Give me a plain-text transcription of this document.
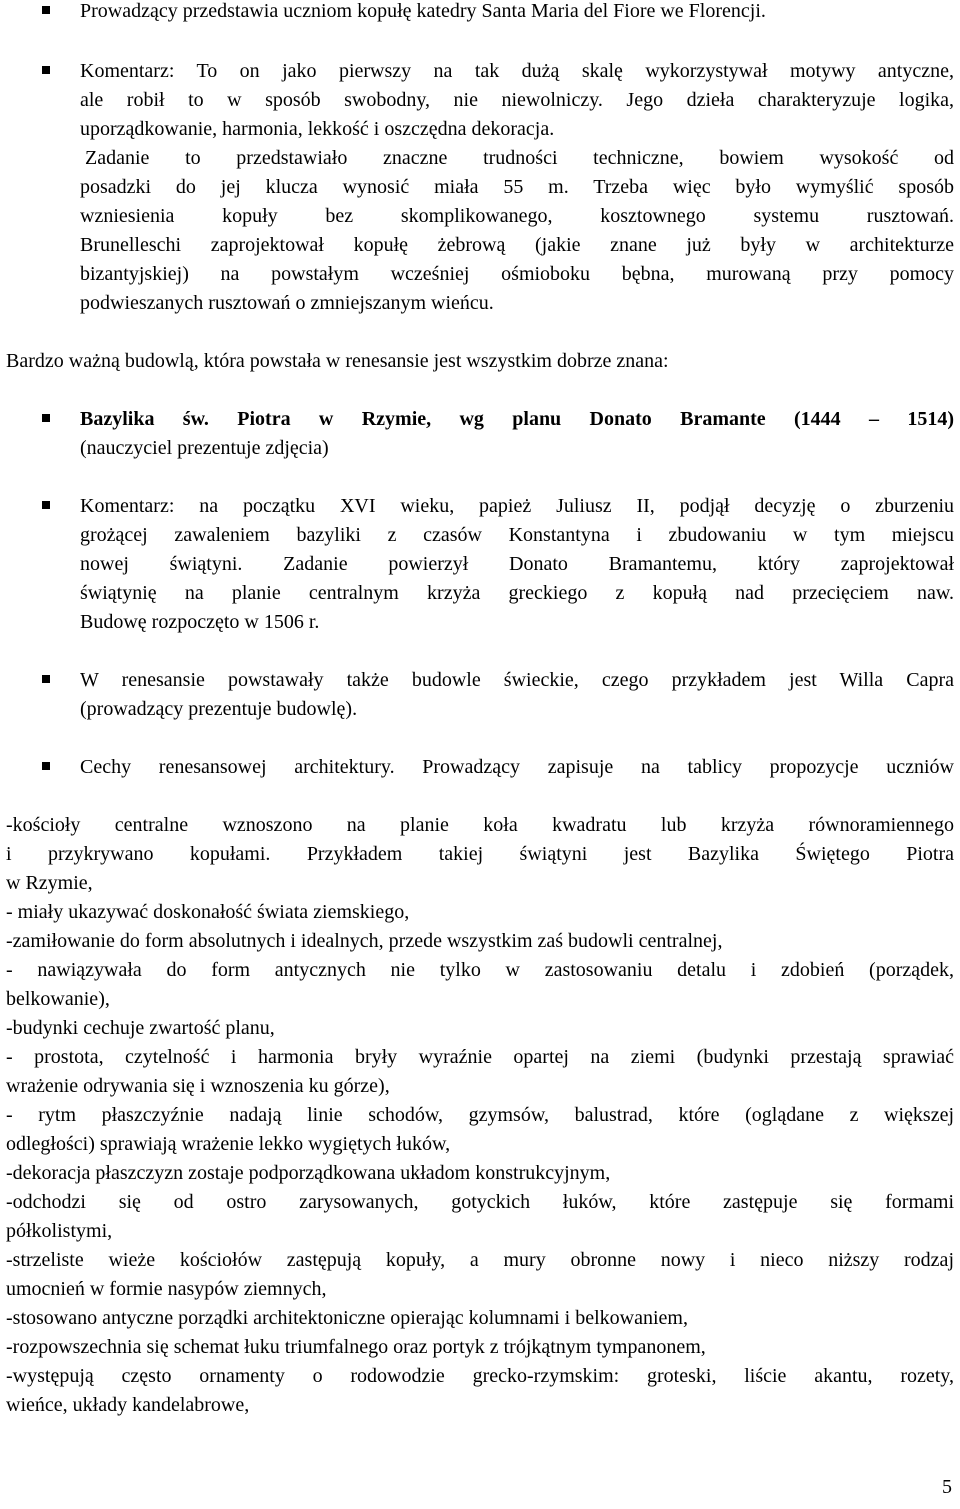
Prowadzący przedstawia uczniom kopułę katedry Santa Maria del Fiore we Florencji.

Komentarz: To on jako pierwszy na tak dużą skalę wykorzystywał motywy antyczne,

ale robił to w sposób swobodny, nie niewolniczy. Jego dzieła charakteryzuje logika,

uporządkowanie, harmonia, lekkość i oszczędna dekoracja.

Zadanie to przedstawiało znaczne trudności techniczne, bowiem wysokość od

posadzki do jej klucza wynosić miała 55 m. Trzeba więc było wymyślić sposób

wzniesienia kopuły bez skomplikowanego, kosztownego systemu rusztowań.

Brunelleschi zaprojektował kopułę żebrową (jakie znane już były w architekturze

bizantyjskiej) na powstałym wcześniej ośmioboku bębna, murowaną przy pomocy

podwieszanych rusztowań o zmniejszanym wieńcu.

Bardzo ważną budowlą, która powstała w renesansie jest wszystkim dobrze znana:

Bazylika św. Piotra w Rzymie, wg planu Donato Bramante (1444 – 1514)

(nauczyciel prezentuje zdjęcia)

Komentarz: na początku XVI wieku, papież Juliusz II, podjął decyzję o zburzeniu

grożącej zawaleniem bazyliki z czasów Konstantyna i zbudowaniu w tym miejscu

nowej świątyni. Zadanie powierzył Donato Bramantemu, który zaprojektował

świątynię na planie centralnym krzyża greckiego z kopułą nad przecięciem naw.

Budowę rozpoczęto w 1506 r.

W renesansie powstawały także budowle świeckie, czego przykładem jest Willa Capra

(prowadzący prezentuje budowlę).

Cechy renesansowej architektury. Prowadzący zapisuje na tablicy propozycje uczniów

-kościoły centralne wznoszono na planie koła kwadratu lub krzyża równoramiennego

i przykrywano kopułami. Przykładem takiej świątyni jest Bazylika Świętego Piotra

w Rzymie,

- miały ukazywać doskonałość świata ziemskiego,

-zamiłowanie do form absolutnych i idealnych, przede wszystkim zaś budowli centralnej,

- nawiązywała do form antycznych nie tylko w zastosowaniu detalu i zdobień (porządek,

belkowanie),

-budynki cechuje zwartość planu,

- prostota, czytelność i harmonia bryły wyraźnie opartej na ziemi (budynki przestają sprawiać

wrażenie odrywania się i wznoszenia ku górze),

- rytm płaszczyźnie nadają linie schodów, gzymsów, balustrad, które (oglądane z większej

odległości) sprawiają wrażenie lekko wygiętych łuków,

-dekoracja płaszczyzn zostaje podporządkowana układom konstrukcyjnym,

-odchodzi się od ostro zarysowanych, gotyckich łuków, które zastępuje się formami

półkolistymi,

-strzeliste wieże kościołów zastępują kopuły, a mury obronne nowy i nieco niższy rodzaj

umocnień w formie nasypów ziemnych,

-stosowano antyczne porządki architektoniczne opierając kolumnami i belkowaniem,

-rozpowszechnia się schemat łuku triumfalnego oraz portyk z trójkątnym tympanonem,

-występują często ornamenty o rodowodzie grecko-rzymskim: groteski, liście akantu, rozety,

wieńce, układy kandelabrowe,

5
